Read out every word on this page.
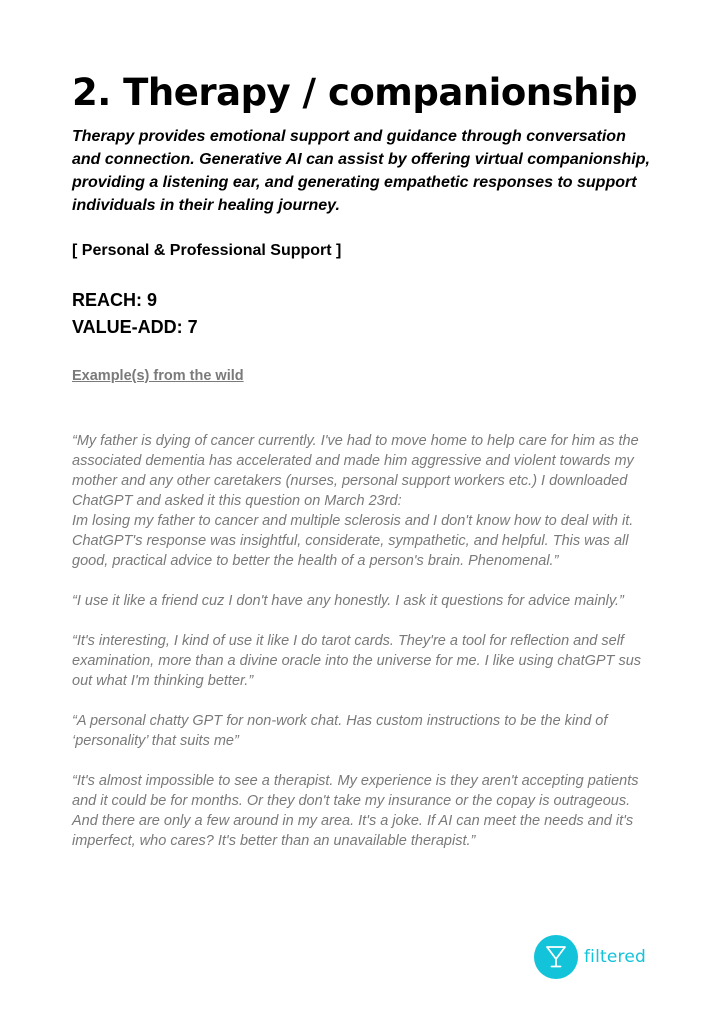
2. Therapy / companionship

Therapy provides emotional support and guidance through conversation and connection. Generative AI can assist by offering virtual companionship, providing a listening ear, and generating empathetic responses to support individuals in their healing journey.

[ Personal & Professional Support ]

REACH: 9

VALUE-ADD: 7

Example(s) from the wild

“My father is dying of cancer currently. I've had to move home to help care for him as the associated dementia has accelerated and made him aggressive and violent towards my mother and any other caretakers (nurses, personal support workers etc.) I downloaded ChatGPT and asked it this question on March 23rd:
Im losing my father to cancer and multiple sclerosis and I don't know how to deal with it. ChatGPT's response was insightful, considerate, sympathetic, and helpful. This was all good, practical advice to better the health of a person's brain. Phenomenal.”

“I use it like a friend cuz I don't have any honestly. I ask it questions for advice mainly.”

“It's interesting, I kind of use it like I do tarot cards. They're a tool for reflection and self examination, more than a divine oracle into the universe for me. I like using chatGPT sus out what I'm thinking better.”

“A personal chatty GPT for non-work chat. Has custom instructions to be the kind of ‘personality’ that suits me”

“It's almost impossible to see a therapist. My experience is they aren't accepting patients and it could be for months. Or they don't take my insurance or the copay is outrageous. And there are only a few around in my area. It's a joke. If AI can meet the needs and it's imperfect, who cares? It's better than an unavailable therapist.”

filtered
